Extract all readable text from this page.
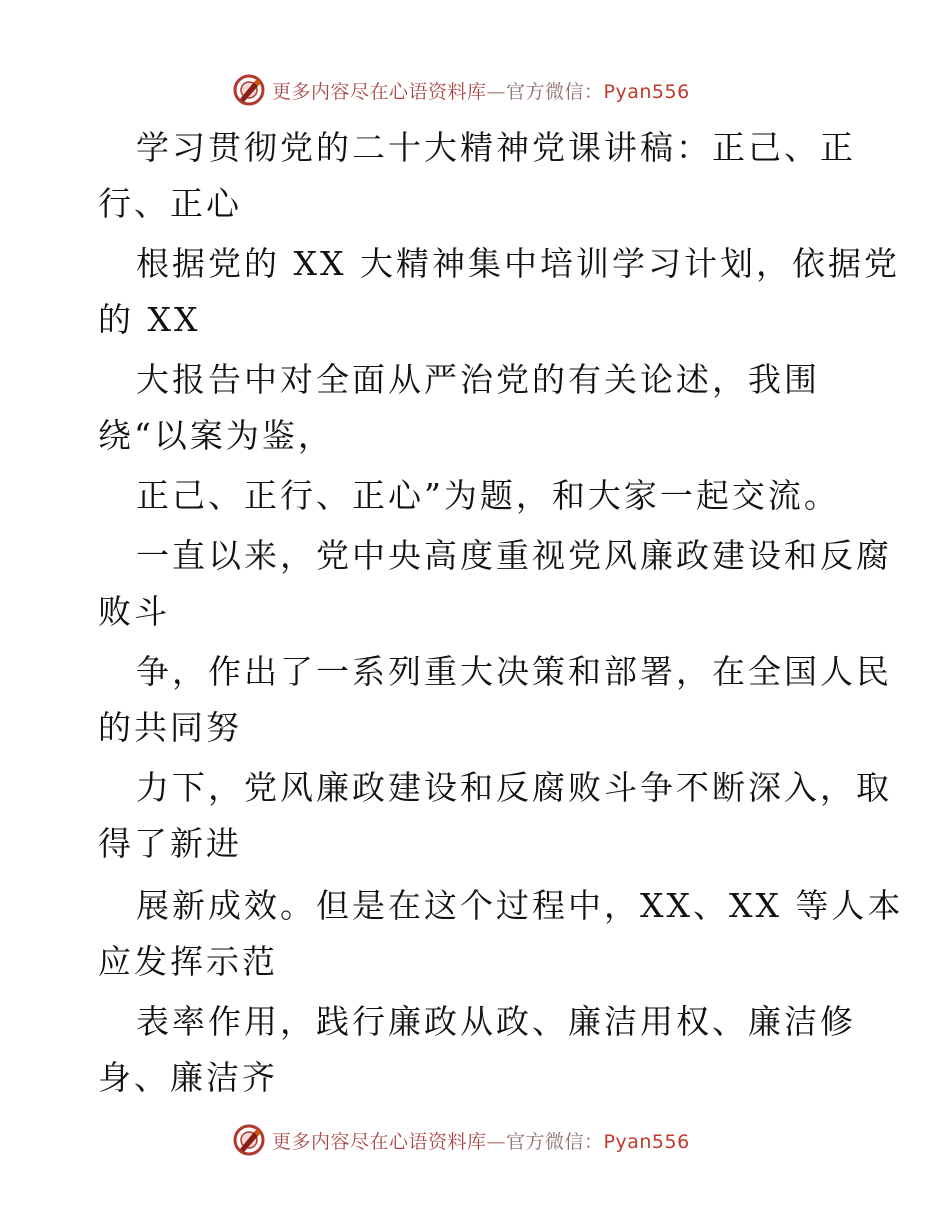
更多内容尽在心语资料库—官方微信：Pyan556
学习贯彻党的二十大精神党课讲稿：正己、正
行、正心
根据党的 XX 大精神集中培训学习计划，依据党
的 XX
大报告中对全面从严治党的有关论述，我围
绕“以案为鉴，
正己、正行、正心”为题，和大家一起交流。
一直以来，党中央高度重视党风廉政建设和反腐
败斗
争，作出了一系列重大决策和部署，在全国人民
的共同努
力下，党风廉政建设和反腐败斗争不断深入，取
得了新进
展新成效。但是在这个过程中，XX、XX 等人本
应发挥示范
表率作用，践行廉政从政、廉洁用权、廉洁修
身、廉洁齐
更多内容尽在心语资料库—官方微信：Pyan556
